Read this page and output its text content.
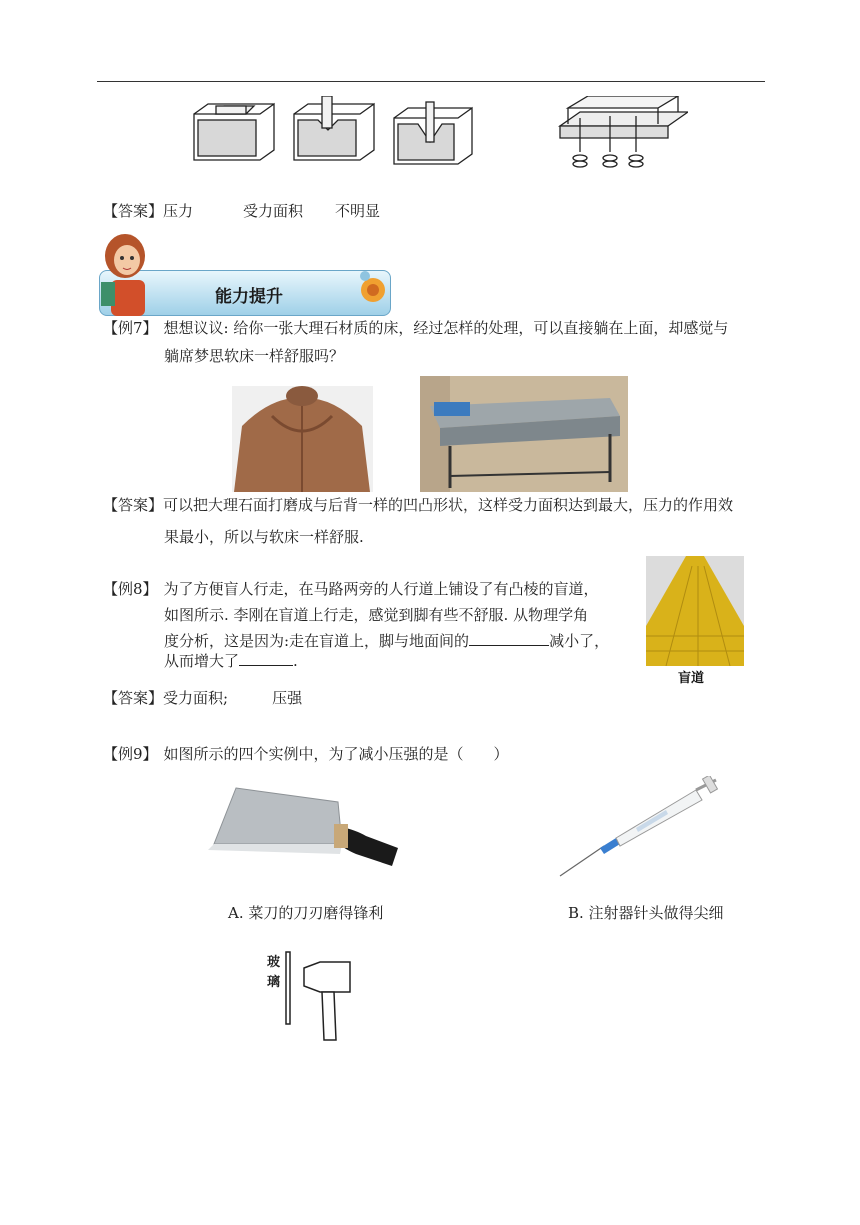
【答案】压力	受力面积 不明显
能力提升
【例7】 想想议议: 给你一张大理石材质的床，经过怎样的处理，可以直接躺在上面，却感觉与
躺席梦思软床一样舒服吗？
【答案】可以把大理石面打磨成与后背一样的凹凸形状，这样受力面积达到最大，压力的作用效
果最小，所以与软床一样舒服.
【例8】 为了方便盲人行走，在马路两旁的人行道上铺设了有凸棱的盲道，
如图所示. 李刚在盲道上行走，感觉到脚有些不舒服. 从物理学角
度分析，这是因为:走在盲道上，脚与地面间的	减小了，
从而增大了	.
盲道
【答案】受力面积;	压强
【例9】 如图所示的四个实例中，为了减小压强的是（　　）
A. 菜刀的刀刃磨得锋利	B. 注射器针头做得尖细
玻
璃
